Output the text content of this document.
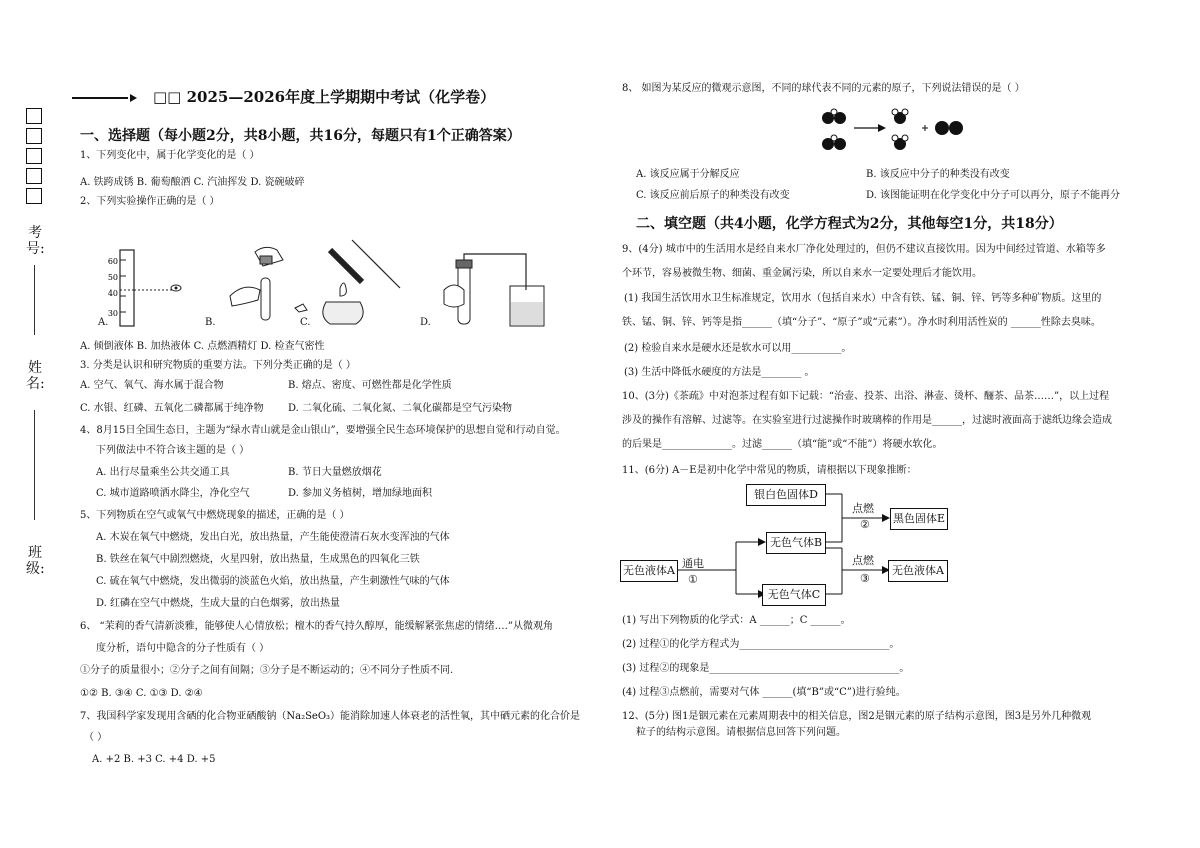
考号:
姓名:
班级:
□□ 2025—2026年度上学期期中考试（化学卷）
一、选择题（每小题2分，共8小题，共16分，每题只有1个正确答案）
1、下列变化中，属于化学变化的是（ ）
A. 铁跨成锈 B. 葡萄酿酒 C. 汽油挥发 D. 瓷碗破碎
2、下列实验操作正确的是（ ）
60
50
40
30
A.	B.	C.	D.
A. 倾倒液体 B. 加热液体 C. 点燃酒精灯 D. 检查气密性
3. 分类是认识和研究物质的重要方法。下列分类正确的是（ ）
A. 空气、氧气、海水属于混合物	B. 熔点、密度、可燃性都是化学性质
C. 水银、红磷、五氧化二磷都属于纯净物 D. 二氧化硫、二氧化氮、二氧化碳都是空气污染物
4、8月15日全国生态日，主题为“绿水青山就是金山银山”，要增强全民生态环境保护的思想自觉和行动自觉。
下列做法中不符合该主题的是（ ）
A. 出行尽量乘坐公共交通工具	B. 节日大量燃放烟花
C. 城市道路喷洒水降尘，净化空气	D. 参加义务植树，增加绿地面积
5、下列物质在空气或氧气中燃烧现象的描述，正确的是（ ）
A. 木炭在氧气中燃烧，发出白光，放出热量，产生能使澄清石灰水变浑浊的气体
B. 铁丝在氧气中剧烈燃烧，火星四射，放出热量，生成黑色的四氧化三铁
C. 硫在氧气中燃烧，发出微弱的淡蓝色火焰，放出热量，产生刺激性气味的气体
D. 红磷在空气中燃烧，生成大量的白色烟雾，放出热量
6、 “茉莉的香气清新淡雅，能够使人心情放松；檀木的香气持久醇厚，能缓解紧张焦虑的情绪….”从微观角
度分析，语句中隐含的分子性质有（ ）
①分子的质量很小；②分子之间有间隔；③分子是不断运动的；④不同分子性质不同.
①② B. ③④ C. ①③ D. ②④
7、我国科学家发现用含硒的化合物亚硒酸钠（Na₂SeO₃）能消除加速人体衰老的活性氧，其中硒元素的化合价是
（ ）
A. +2 B. +3 C. +4 D. +5
8、 如图为某反应的微观示意图，不同的球代表不同的元素的原子，下列说法错误的是（ ）
A. 该反应属于分解反应	B. 该反应中分子的种类没有改变
C. 该反应前后原子的种类没有改变	D. 该图能证明在化学变化中分子可以再分，原子不能再分
二、填空题（共4小题，化学方程式为2分，其他每空1分，共18分）
9、(4分) 城市中的生活用水是经自来水厂净化处理过的，但仍不建议直接饮用。因为中间经过管道、水箱等多
个环节，容易被微生物、细菌、重金属污染，所以自来水一定要处理后才能饮用。
(1) 我国生活饮用水卫生标准规定，饮用水（包括自来水）中含有铁、锰、铜、锌、钙等多种矿物质。这里的
铁、锰、铜、锌、钙等是指______（填“分子”、“原子”或“元素”）。净水时利用活性炭的 ______性除去臭味。
(2) 检验自来水是硬水还是软水可以用__________。
(3) 生活中降低水硬度的方法是________ 。
10、(3分)《茶疏》中对泡茶过程有如下记载：“治壶、投茶、出浴、淋壶、烫杯、酾茶、品茶……”，以上过程
涉及的操作有溶解、过滤等。在实验室进行过滤操作时玻璃棒的作用是______，过滤时液面高于滤纸边缘会造成
的后果是______________。过滤______（填“能”或“不能”）将硬水软化。
11、(6分) A－E是初中化学中常见的物质，请根据以下现象推断：
无色液体A
无色气体B
无色气体C
银白色固体D
黑色固体E
无色液体A
通电
①
点燃
②
点燃
③
(1) 写出下列物质的化学式：A ______；C ______。
(2) 过程①的化学方程式为______________________________。
(3) 过程②的现象是______________________________________。
(4) 过程③点燃前，需要对气体 ______(填“B”或“C”)进行验纯。
12、(5分) 图1是铟元素在元素周期表中的相关信息，图2是铟元素的原子结构示意图，图3是另外几种微观
粒子的结构示意图。请根据信息回答下列问题。
